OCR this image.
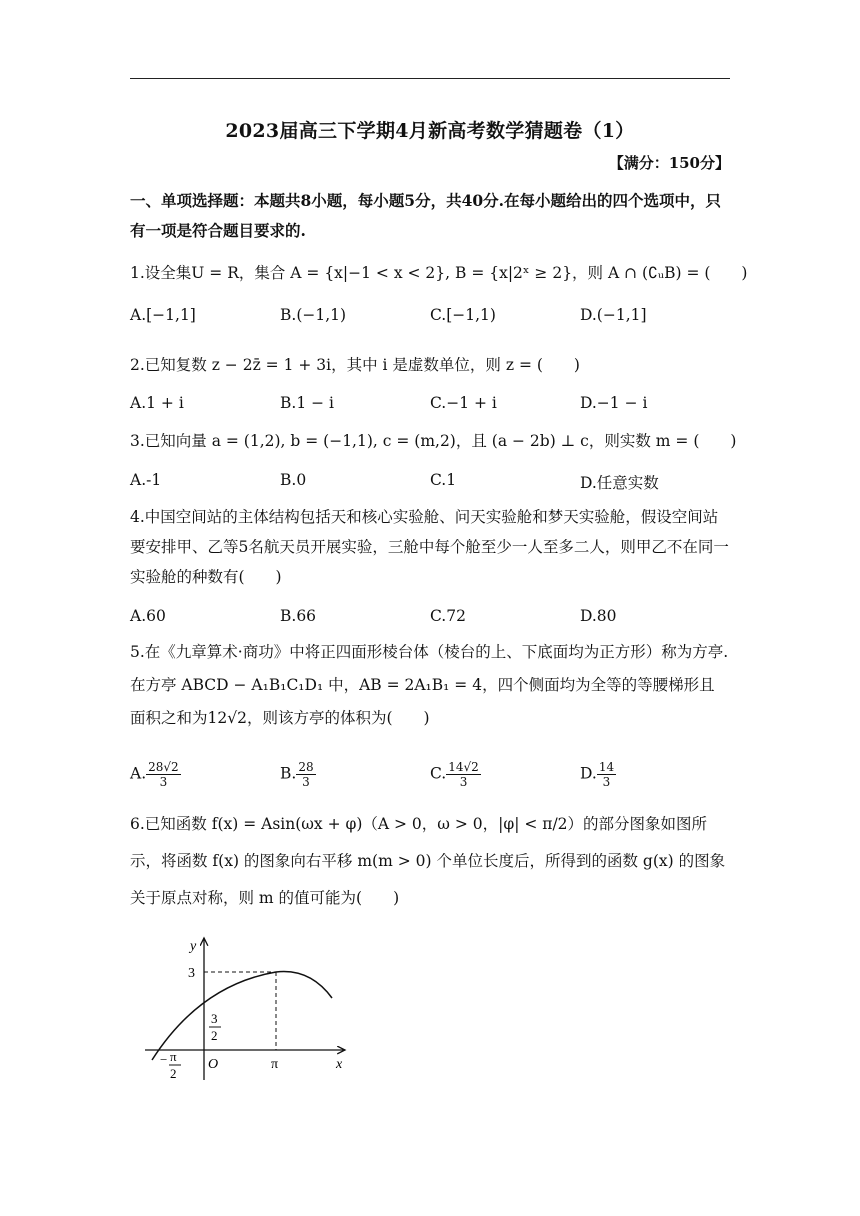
2023届高三下学期4月新高考数学猜题卷（1）
【满分：150分】
一、单项选择题：本题共8小题，每小题5分，共40分.在每小题给出的四个选项中，只有一项是符合题目要求的.
1.设全集U = R，集合 A = {x|−1 < x < 2}, B = {x|2ˣ ≥ 2}，则 A ∩ (∁ᵤB) = (　　)
A.[−1,1]	B.(−1,1)	C.[−1,1)	D.(−1,1]
2.已知复数 z − 2z̄ = 1 + 3i，其中 i 是虚数单位，则 z = (　　)
A.1 + i	B.1 − i	C.−1 + i	D.−1 − i
3.已知向量 a = (1,2), b = (−1,1), c = (m,2)，且 (a − 2b) ⊥ c，则实数 m = (　　)
A.-1	B.0	C.1	D.任意实数
4.中国空间站的主体结构包括天和核心实验舱、问天实验舱和梦天实验舱，假设空间站要安排甲、乙等5名航天员开展实验，三舱中每个舱至少一人至多二人，则甲乙不在同一实验舱的种数有(　　)
A.60	B.66	C.72	D.80
5.在《九章算术·商功》中将正四面形棱台体（棱台的上、下底面均为正方形）称为方亭.在方亭 ABCD − A₁B₁C₁D₁ 中，AB = 2A₁B₁ = 4，四个侧面均为全等的等腰梯形且面积之和为12√2，则该方亭的体积为(　　)
A. $\frac{28√2}{3}$	B. $\frac{28}{3}$	C. $\frac{14√2}{3}$	D. $\frac{14}{3}$
6.已知函数 f(x) = Asin(ωx + φ)（A > 0，ω > 0，|φ| < π/2）的部分图象如图所示，将函数 f(x) 的图象向右平移 m(m > 0) 个单位长度后，所得到的函数 g(x) 的图象关于原点对称，则 m 的值可能为(　　)
y
x
O
3
3
2
π
− π
2
